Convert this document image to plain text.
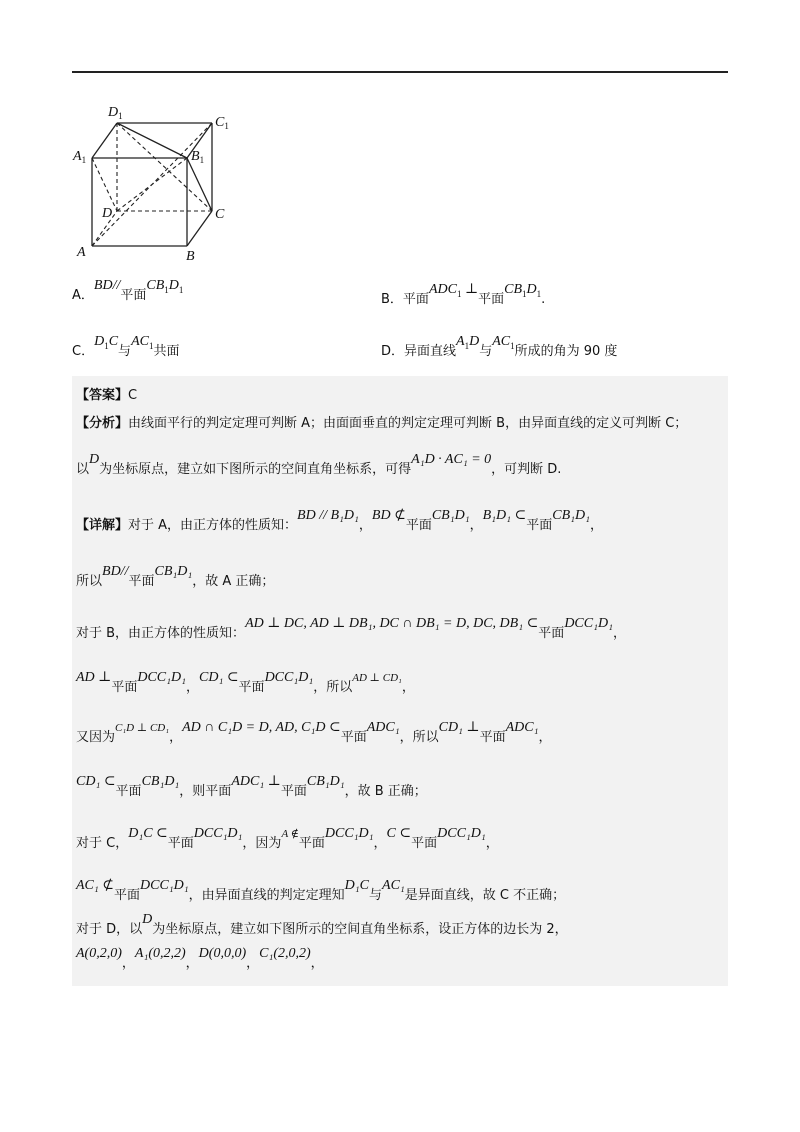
$D_1$	$C_1$
$A_1$	$B_1$
D	C
A	B
A．BD//平面$CB_1D_1$
B．平面$ADC_1$ ⊥平面$CB_1D_1$.
C．$D_1C$与$AC_1$共面	D．异面直线$A_1D$与$AC_1$所成的角为 90 度
【答案】C
【分析】由线面平行的判定定理可判断 A；由面面垂直的判定定理可判断 B，由异面直线的定义可判断 C；
以D为坐标原点，建立如下图所示的空间直角坐标系，可得A₁D · AC₁ = 0，可判断 D.
【详解】对于 A，由正方体的性质知：BD // B₁D₁，BD ⊄平面CB₁D₁，B₁D₁ ⊂平面CB₁D₁，
所以BD//平面CB₁D₁，故 A 正确；
对于 B，由正方体的性质知：AD ⊥ DC, AD ⊥ DB₁, DC ∩ DB₁ = D, DC, DB₁ ⊂平面DCC₁D₁，
AD ⊥平面DCC₁D₁，CD₁ ⊂平面DCC₁D₁，所以$^{AD \perp CD_1}$，
又因为$^{C_1D \perp CD_1}$，AD ∩ C₁D = D, AD, C₁D ⊂平面ADC₁，所以CD₁ ⊥平面ADC₁，
CD₁ ⊂平面CB₁D₁，则平面ADC₁ ⊥平面CB₁D₁，故 B 正确；
对于 C，D₁C ⊂平面DCC₁D₁，因为$^{A \notin}$平面DCC₁D₁，C ⊂平面DCC₁D₁，
AC₁ ⊄平面DCC₁D₁，由异面直线的判定定理知D₁C与AC₁是异面直线，故 C 不正确；
对于 D，以D为坐标原点，建立如下图所示的空间直角坐标系，设正方体的边长为 2，
A(0,2,0)，A₁(0,2,2)，D(0,0,0)，C₁(2,0,2)，
